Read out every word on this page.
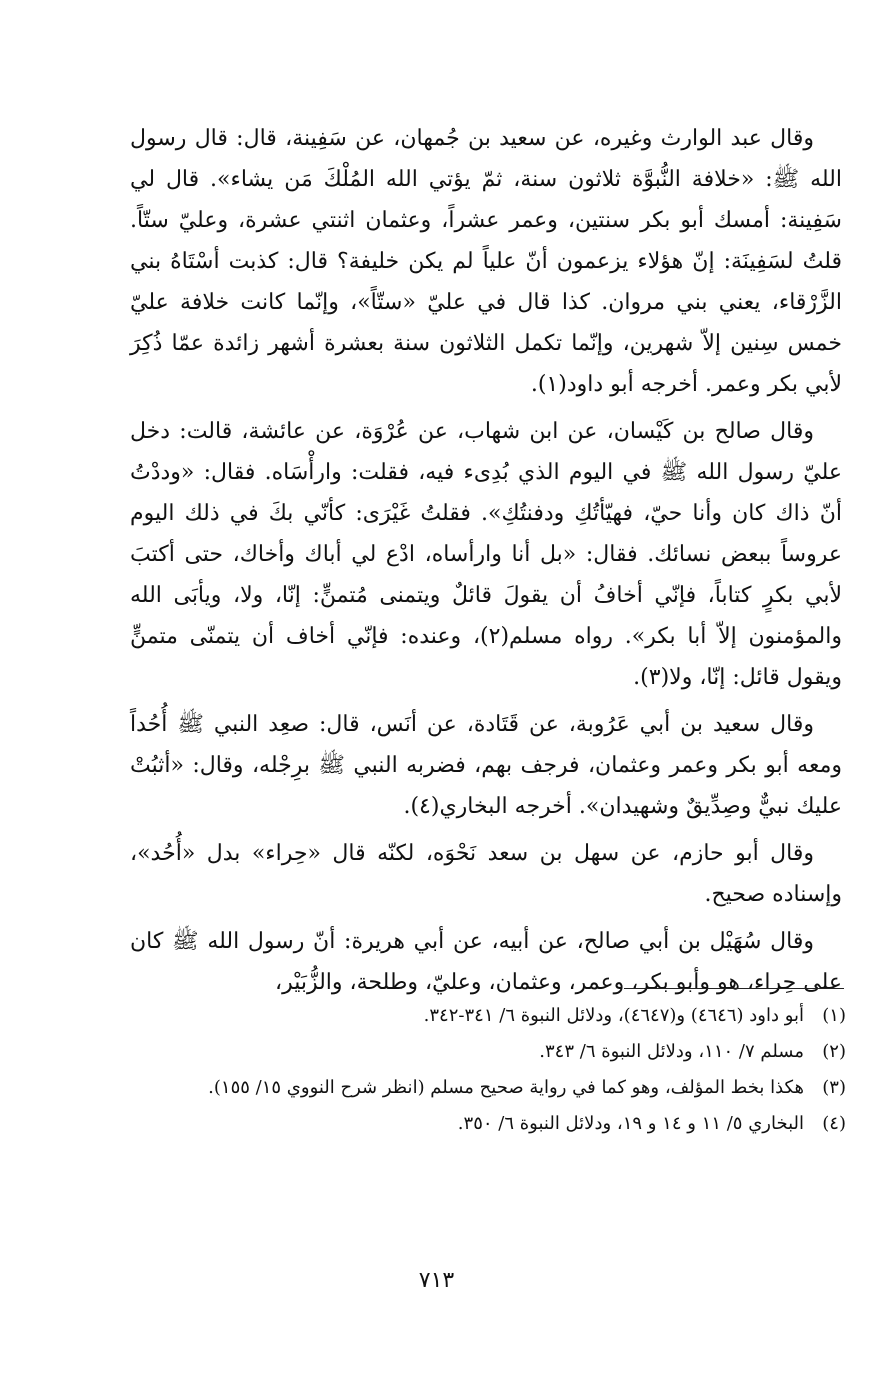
وقال عبد الوارث وغيره، عن سعيد بن جُمهان، عن سَفِينة، قال: قال رسول الله ﷺ: «خلافة النُّبوَّة ثلاثون سنة، ثمّ يؤتي الله المُلْكَ مَن يشاء». قال لي سَفِينة: أمسك أبو بكر سنتين، وعمر عشراً، وعثمان اثنتي عشرة، وعليّ ستّاً. قلتُ لسَفِينَة: إنّ هؤلاء يزعمون أنّ علياً لم يكن خليفة؟ قال: كذبت أسْتَاهُ بني الزَّرْقاء، يعني بني مروان. كذا قال في عليّ «ستّاً»، وإنّما كانت خلافة عليّ خمس سِنين إلاّ شهرين، وإنّما تكمل الثلاثون سنة بعشرة أشهر زائدة عمّا ذُكِرَ لأبي بكر وعمر. أخرجه أبو داود(١).

وقال صالح بن كَيْسان، عن ابن شهاب، عن عُرْوَة، عن عائشة، قالت: دخل عليّ رسول الله ﷺ في اليوم الذي بُدِىء فيه، فقلت: وارأْسَاه. فقال: «وددْتُ أنّ ذاك كان وأنا حيّ، فهيّأتُكِ ودفنتُكِ». فقلتُ غَيْرَى: كأنّي بكَ في ذلك اليوم عروساً ببعض نسائك. فقال: «بل أنا وارأساه، ادْع لي أباك وأخاك، حتى أكتبَ لأبي بكرٍ كتاباً، فإنّي أخافُ أن يقولَ قائلٌ ويتمنى مُتمنٍّ: إنّا، ولا، ويأبَى الله والمؤمنون إلاّ أبا بكر». رواه مسلم(٢)، وعنده: فإنّي أخاف أن يتمنّى متمنٍّ ويقول قائل: إنّا، ولا(٣).

وقال سعيد بن أبي عَرُوبة، عن قَتَادة، عن أنَس، قال: صعِد النبي ﷺ أُحُداً ومعه أبو بكر وعمر وعثمان، فرجف بهم، فضربه النبي ﷺ برِجْله، وقال: «أثبُتْ عليك نبيٌّ وصِدِّيقٌ وشهيدان». أخرجه البخاري(٤).

وقال أبو حازم، عن سهل بن سعد نَحْوَه، لكنّه قال «حِراء» بدل «أُحُد»، وإسناده صحيح.

وقال سُهَيْل بن أبي صالح، عن أبيه، عن أبي هريرة: أنّ رسول الله ﷺ كان على حِراء، هو وأبو بكر، وعمر، وعثمان، وعليّ، وطلحة، والزُّبَيْر،

(١)
أبو داود (٤٦٤٦) و(٤٦٤٧)، ودلائل النبوة ٦/ ٣٤١-٣٤٢.
(٢)
مسلم ٧/ ١١٠، ودلائل النبوة ٦/ ٣٤٣.
(٣)
هكذا بخط المؤلف، وهو كما في رواية صحيح مسلم (انظر شرح النووي ١٥/ ١٥٥).
(٤)
البخاري ٥/ ١١ و ١٤ و ١٩، ودلائل النبوة ٦/ ٣٥٠.
٧١٣
